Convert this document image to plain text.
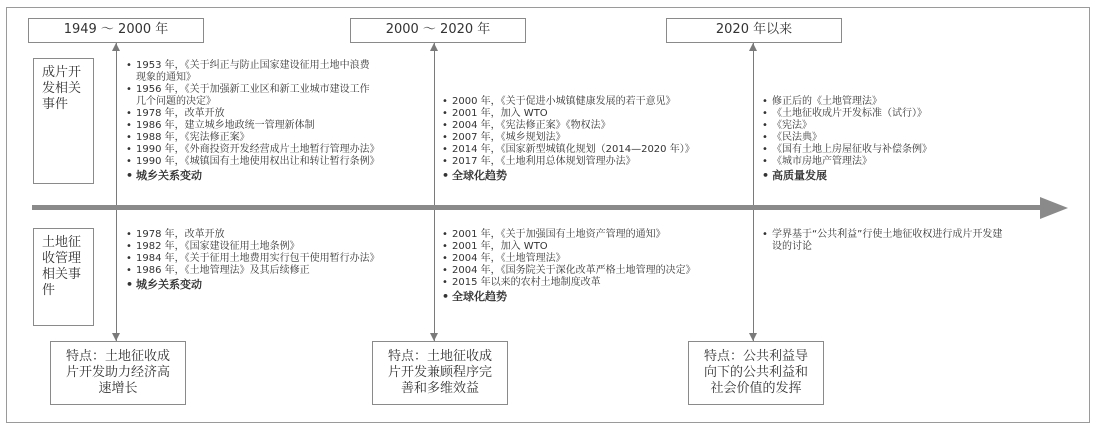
1949 ～ 2000 年	2000 ～ 2020 年	2020 年以来
成片开
发相关
事件
土地征
收管理
相关事
件
• 1953 年，《关于纠正与防止国家建设征用土地中浪费
现象的通知》
• 1956 年，《关于加强新工业区和新工业城市建设工作
几个问题的决定》
• 1978 年，改革开放
• 1986 年，建立城乡地政统一管理新体制
• 1988 年，《宪法修正案》
• 1990 年，《外商投资开发经营成片土地暂行管理办法》
• 1990 年，《城镇国有土地使用权出让和转让暂行条例》
• 城乡关系变动
• 2000 年，《关于促进小城镇健康发展的若干意见》
• 2001 年，加入 WTO
• 2004 年，《宪法修正案》《物权法》
• 2007 年，《城乡规划法》
• 2014 年，《国家新型城镇化规划（2014—2020 年）》
• 2017 年，《土地利用总体规划管理办法》
• 全球化趋势
• 修正后的《土地管理法》
• 《土地征收成片开发标准（试行）》
• 《宪法》
• 《民法典》
• 《国有土地上房屋征收与补偿条例》
• 《城市房地产管理法》
• 高质量发展
• 1978 年，改革开放
• 1982 年，《国家建设征用土地条例》
• 1984 年，《关于征用土地费用实行包干使用暂行办法》
• 1986 年，《土地管理法》及其后续修正
• 城乡关系变动
• 2001 年，《关于加强国有土地资产管理的通知》
• 2001 年，加入 WTO
• 2004 年，《土地管理法》
• 2004 年，《国务院关于深化改革严格土地管理的决定》
• 2015 年以来的农村土地制度改革
• 全球化趋势
• 学界基于“公共利益”行使土地征收权进行成片开发建
设的讨论
特点：土地征收成
片开发助力经济高
速增长
特点：土地征收成
片开发兼顾程序完
善和多维效益
特点：公共利益导
向下的公共利益和
社会价值的发挥
